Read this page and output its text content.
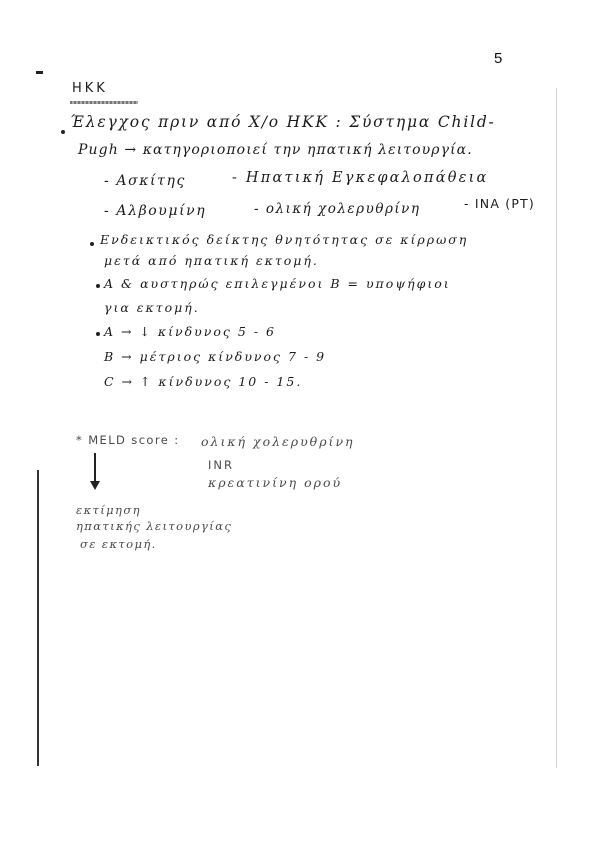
5
ΗΚΚ
Έλεγχος πριν από Χ/ο ΗΚΚ : Σύστημα Child-
Pugh → κατηγοριοποιεί την ηπατική λειτουργία.
- Ασκίτης	- Ηπατική Εγκεφαλοπάθεια
- Αλβουμίνη	- ολική χολερυθρίνη	- INA (PT)
Ενδεικτικός δείκτης θνητότητας σε κίρρωση
μετά από ηπατική εκτομή.
Α & αυστηρώς επιλεγμένοι Β = υποψήφιοι
για εκτομή.
Α → ↓ κίνδυνος 5 - 6
Β → μέτριος κίνδυνος 7 - 9
C → ↑ κίνδυνος 10 - 15.
* MELD score : ολική χολερυθρίνη
INR
κρεατινίνη ορού
εκτίμηση
ηπατικής λειτουργίας
σε εκτομή.
